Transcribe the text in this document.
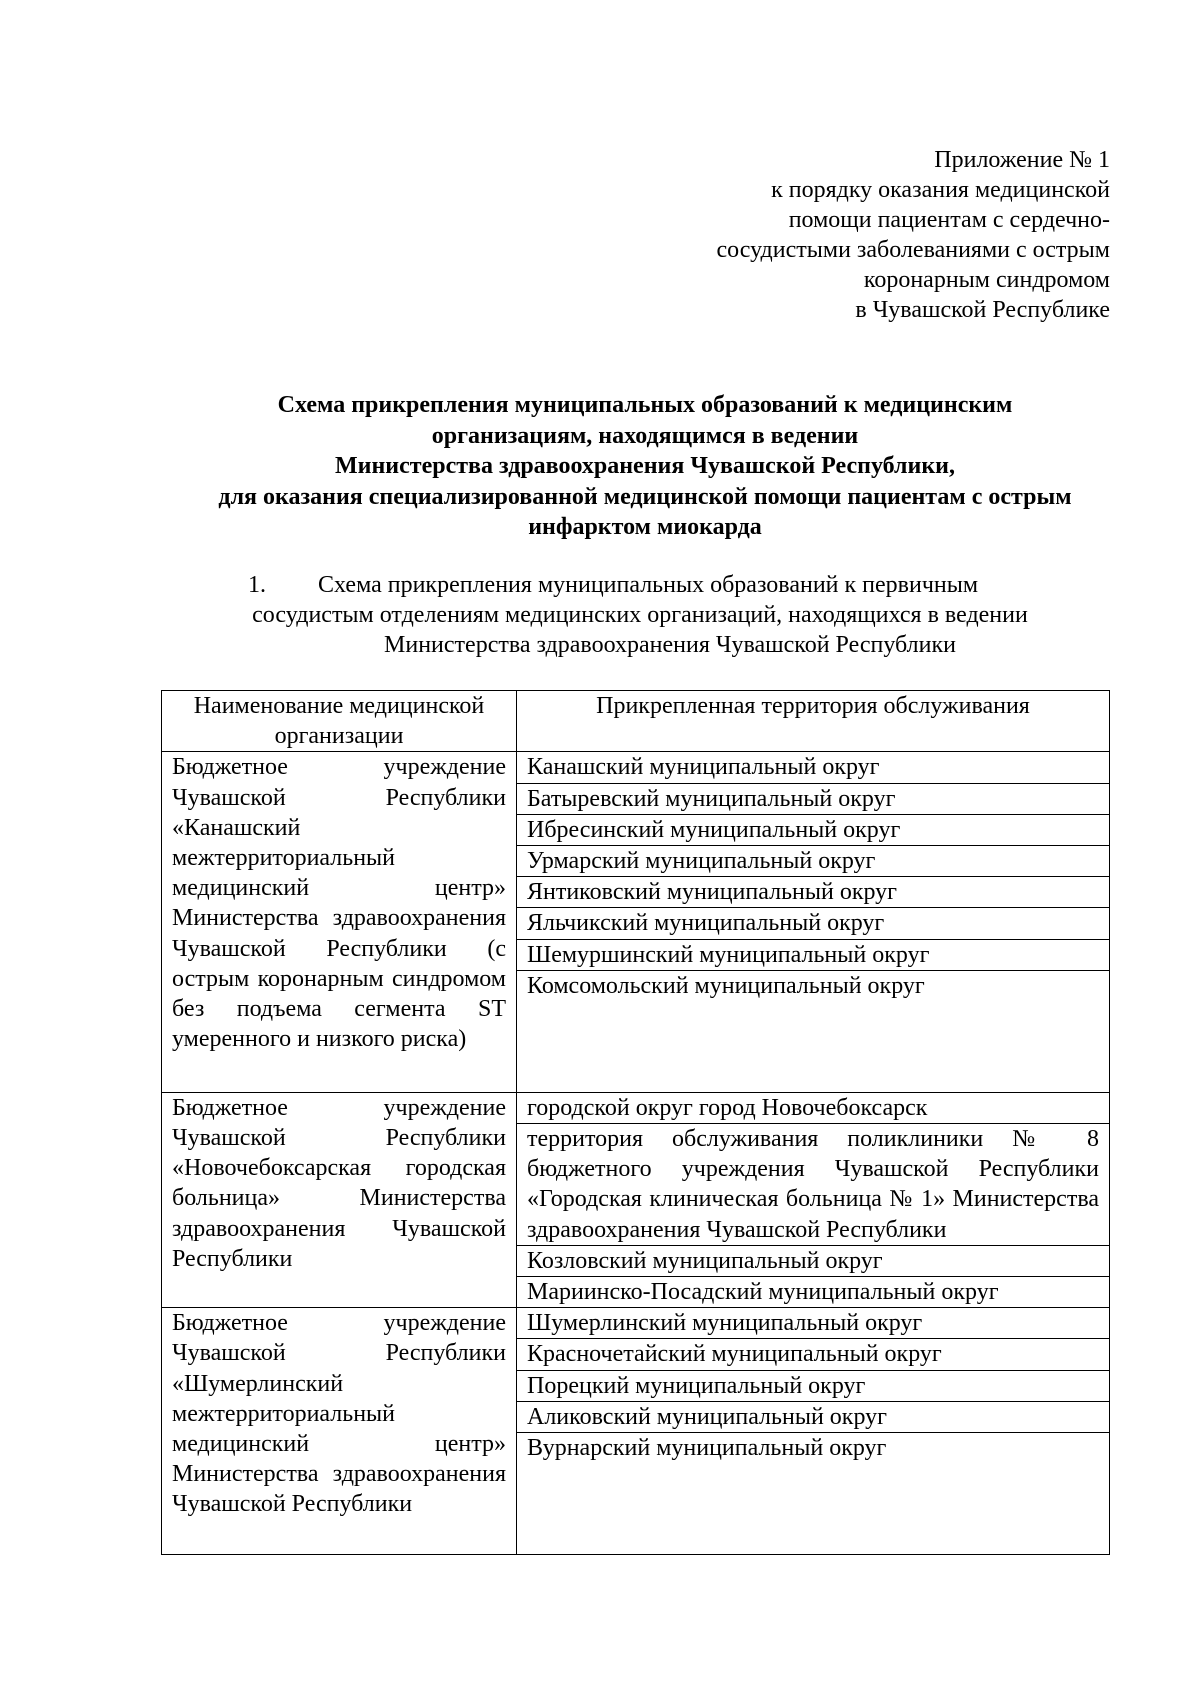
Приложение № 1
к порядку оказания медицинской
помощи пациентам с сердечно-
сосудистыми заболеваниями с острым
коронарным синдромом
в Чувашской Республике
Схема прикрепления муниципальных образований к медицинским
организациям, находящимся в ведении
Министерства здравоохранения Чувашской Республики,
для оказания специализированной медицинской помощи пациентам с острым
инфарктом миокарда
1. Схема прикрепления муниципальных образований к первичным
сосудистым отделениям медицинских организаций, находящихся в ведении
Министерства здравоохранения Чувашской Республики
Наименование медицинской организации	Прикрепленная территория обслуживания
Бюджетное учреждение Чувашской Республики «Канашский межтерриториальный медицинский центр» Министерства здравоохранения Чувашской Республики (с острым коронарным синдромом без подъема сегмента ST умеренного и низкого риска)	Канашский муниципальный округ
	Батыревский муниципальный округ
	Ибресинский муниципальный округ
	Урмарский муниципальный округ
	Янтиковский муниципальный округ
	Яльчикский муниципальный округ
	Шемуршинский муниципальный округ
	Комсомольский муниципальный округ
Бюджетное учреждение Чувашской Республики «Новочебоксарская городская больница» Министерства здравоохранения Чувашской Республики	городской округ город Новочебоксарск
	территория обслуживания поликлиники № 8 бюджетного учреждения Чувашской Республики «Городская клиническая больница № 1» Министерства здравоохранения Чувашской Республики
	Козловский муниципальный округ
	Мариинско-Посадский муниципальный округ
Бюджетное учреждение Чувашской Республики «Шумерлинский межтерриториальный медицинский центр» Министерства здравоохранения Чувашской Республики	Шумерлинский муниципальный округ
	Красночетайский муниципальный округ
	Порецкий муниципальный округ
	Аликовский муниципальный округ
	Вурнарский муниципальный округ
